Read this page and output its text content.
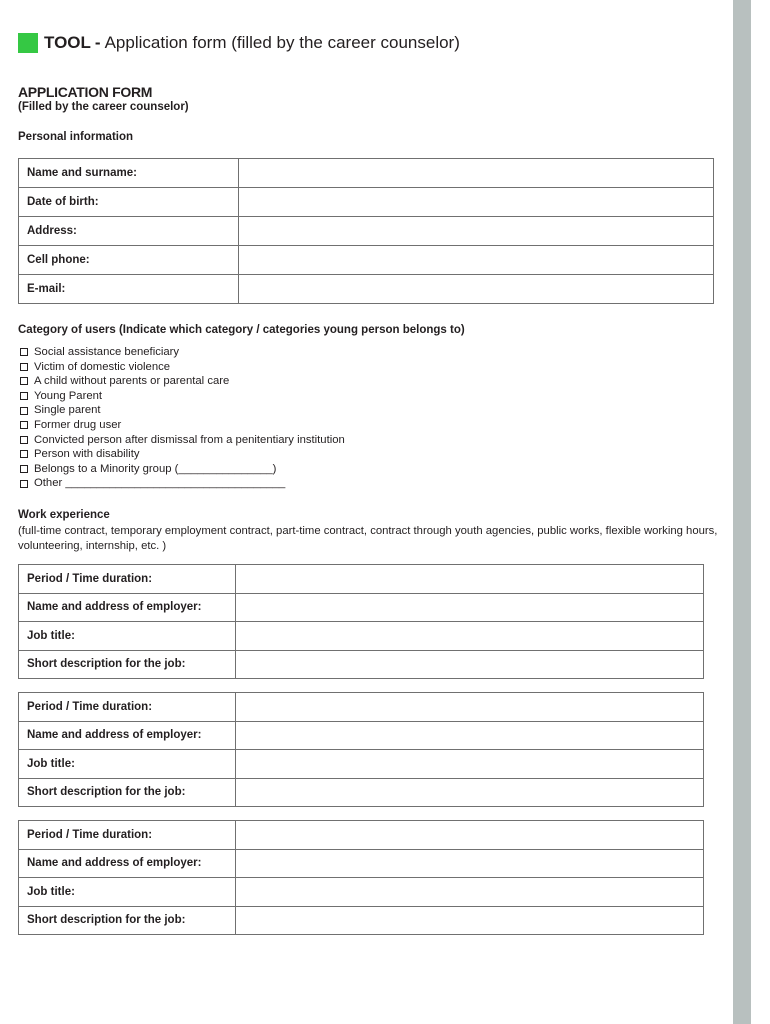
TOOL - Application form (filled by the career counselor)
APPLICATION FORM
(Filled by the career counselor)
Personal information
Name and surname:	
Date of birth:	
Address:	
Cell phone:	
E-mail:	
Category of users (Indicate which category / categories young person belongs to)
Social assistance beneficiary
Victim of domestic violence
A child without parents or parental care
Young Parent
Single parent
Former drug user
Convicted person after dismissal from a penitentiary institution
Person with disability
Belongs to a Minority group (_______________)
Other ___________________________________
Work experience
(full-time contract, temporary employment contract, part-time contract, contract through youth agencies, public works, flexible working hours, volunteering, internship, etc. )
Period / Time duration:	
Name and address of employer:	
Job title:	
Short description for the job:	
Period / Time duration:	
Name and address of employer:	
Job title:	
Short description for the job:	
Period / Time duration:	
Name and address of employer:	
Job title:	
Short description for the job:	
